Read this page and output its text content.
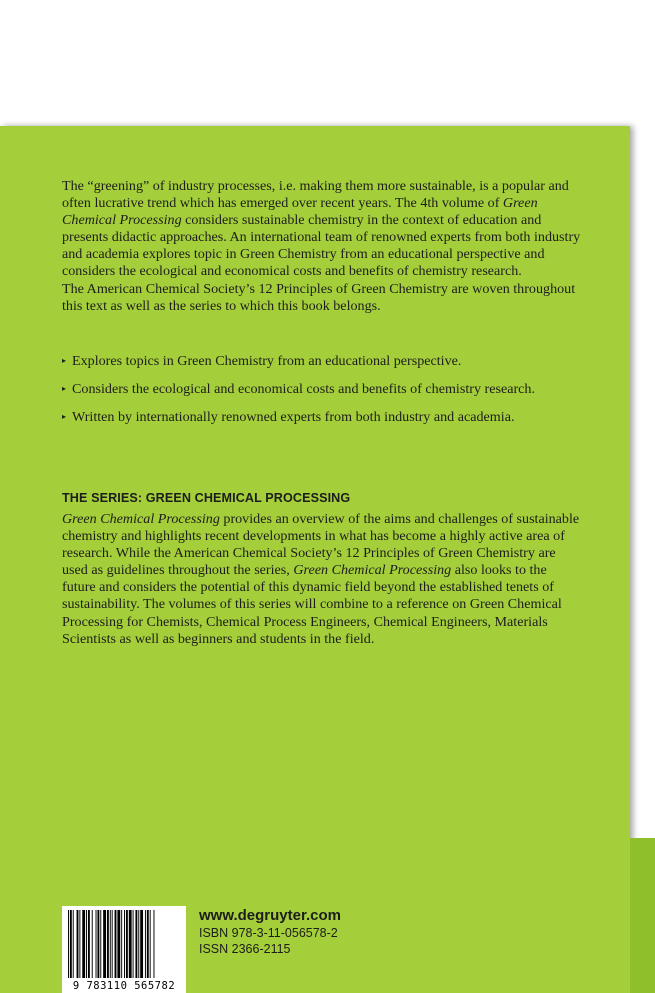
The “greening” of industry processes, i.e. making them more sustainable, is a popular and often lucrative trend which has emerged over recent years. The 4th volume of Green Chemical Processing considers sustainable chemistry in the context of education and presents didactic approaches. An international team of renowned experts from both industry and academia explores topic in Green Chemistry from an educational perspective and considers the ecological and economical costs and benefits of chemistry research.

The American Chemical Society’s 12 Principles of Green Chemistry are woven throughout this text as well as the series to which this book belongs.

▸ Explores topics in Green Chemistry from an educational perspective.
▸ Considers the ecological and economical costs and benefits of chemistry research.
▸ Written by internationally renowned experts from both industry and academia.
THE SERIES: GREEN CHEMICAL PROCESSING

Green Chemical Processing provides an overview of the aims and challenges of sustainable chemistry and highlights recent developments in what has become a highly active area of research. While the American Chemical Society’s 12 Principles of Green Chemistry are used as guidelines throughout the series, Green Chemical Processing also looks to the future and considers the potential of this dynamic field beyond the established tenets of sustainability. The volumes of this series will combine to a reference on Green Chemical Processing for Chemists, Chemical Process Engineers, Chemical Engineers, Materials Scientists as well as beginners and students in the field.

9 783110 565782
www.degruyter.com
ISBN 978-3-11-056578-2
ISSN 2366-2115
